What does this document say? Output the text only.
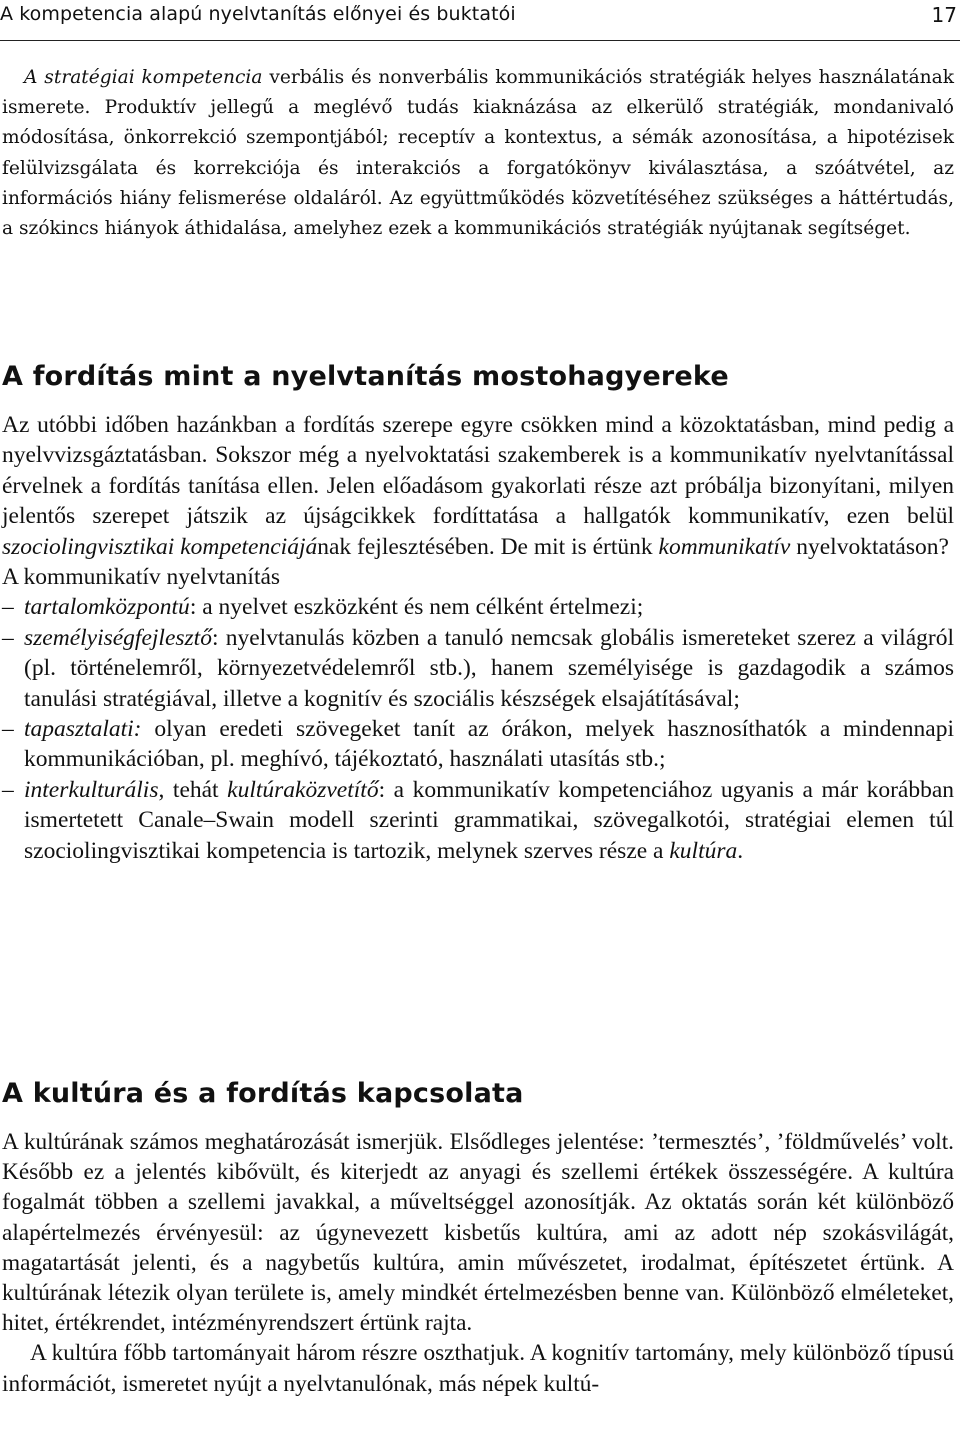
A kompetencia alapú nyelvtanítás előnyei és buktatói	17

A stratégiai kompetencia verbális és nonverbális kommunikációs stratégiák helyes használatának ismerete. Produktív jellegű a meglévő tudás kiaknázása az elkerülő stratégiák, mondanivaló módosítása, önkorrekció szempontjából; receptív a kontextus, a sémák azonosítása, a hipotézisek felülvizsgálata és korrekciója és interakciós a forgatókönyv kiválasztása, a szóátvétel, az információs hiány felismerése oldaláról. Az együttműködés közvetítéséhez szükséges a háttértudás, a szókincs hiányok áthidalása, amelyhez ezek a kommunikációs stratégiák nyújtanak segítséget.

A fordítás mint a nyelvtanítás mostohagyereke

Az utóbbi időben hazánkban a fordítás szerepe egyre csökken mind a közoktatásban, mind pedig a nyelvvizsgáztatásban. Sokszor még a nyelvoktatási szakemberek is a kommunikatív nyelvtanítással érvelnek a fordítás tanítása ellen. Jelen előadásom gyakorlati része azt próbálja bizonyítani, milyen jelentős szerepet játszik az újságcikkek fordíttatása a hallgatók kommunikatív, ezen belül szociolingvisztikai kompetenciájának fejlesztésében. De mit is értünk kommunikatív nyelvoktatáson?

A kommunikatív nyelvtanítás

– tartalomközpontú: a nyelvet eszközként és nem célként értelmezi;
– személyiségfejlesztő: nyelvtanulás közben a tanuló nemcsak globális ismereteket szerez a világról (pl. történelemről, környezetvédelemről stb.), hanem személyisége is gazdagodik a számos tanulási stratégiával, illetve a kognitív és szociális készségek elsajátításával;
– tapasztalati: olyan eredeti szövegeket tanít az órákon, melyek hasznosíthatók a mindennapi kommunikációban, pl. meghívó, tájékoztató, használati utasítás stb.;
– interkulturális, tehát kultúraközvetítő: a kommunikatív kompetenciához ugyanis a már korábban ismertetett Canale–Swain modell szerinti grammatikai, szövegalkotói, stratégiai elemen túl szociolingvisztikai kompetencia is tartozik, melynek szerves része a kultúra.
A kultúra és a fordítás kapcsolata

A kultúrának számos meghatározását ismerjük. Elsődleges jelentése: ’termesztés’, ’földművelés’ volt. Később ez a jelentés kibővült, és kiterjedt az anyagi és szellemi értékek összességére. A kultúra fogalmát többen a szellemi javakkal, a műveltséggel azonosítják. Az oktatás során két különböző alapértelmezés érvényesül: az úgynevezett kisbetűs kultúra, ami az adott nép szokásvilágát, magatartását jelenti, és a nagybetűs kultúra, amin művészetet, irodalmat, építészetet értünk. A kultúrának létezik olyan területe is, amely mindkét értelmezésben benne van. Különböző elméleteket, hitet, értékrendet, intézményrendszert értünk rajta.

A kultúra főbb tartományait három részre oszthatjuk. A kognitív tartomány, mely különböző típusú információt, ismeretet nyújt a nyelvtanulónak, más népek kultú-
